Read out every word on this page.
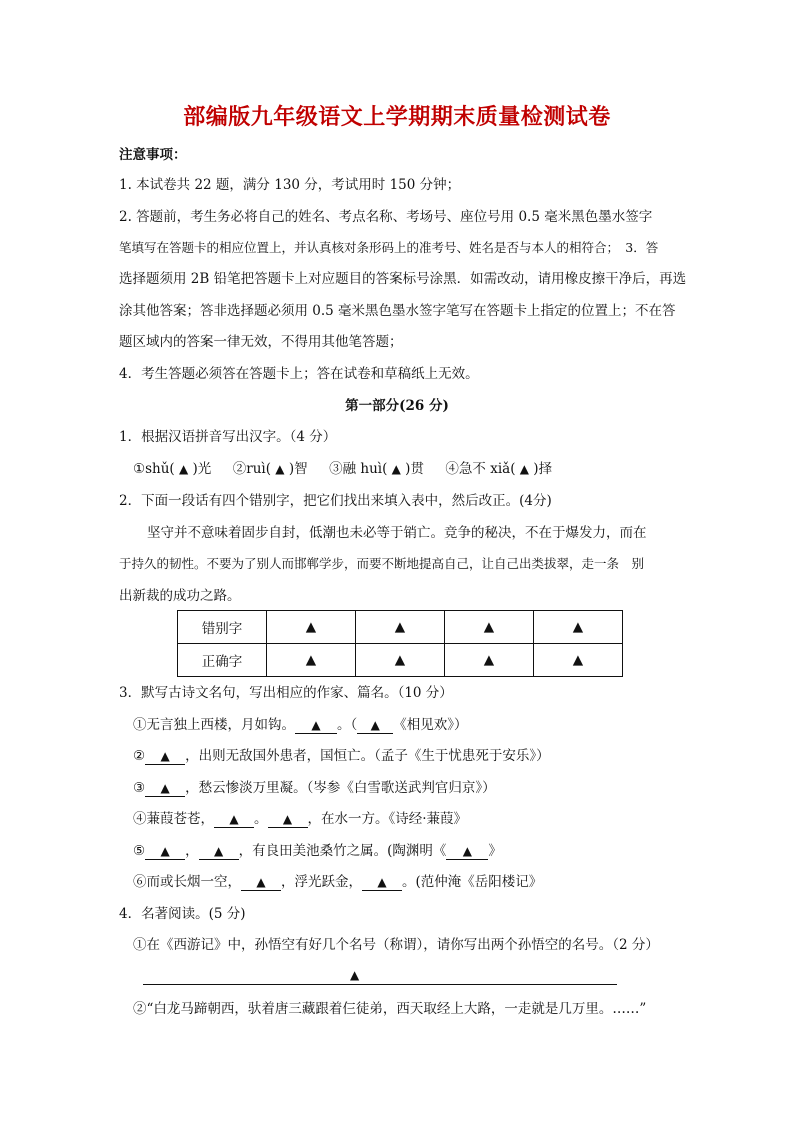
部编版九年级语文上学期期末质量检测试卷
注意事项：
1. 本试卷共 22 题，满分 130 分，考试用时 150 分钟；
2. 答题前，考生务必将自己的姓名、考点名称、考场号、座位号用 0.5 毫米黑色墨水签字
笔填写在答题卡的相应位置上，并认真核对条形码上的准考号、姓名是否与本人的相符合；　3．答
选择题须用 2B 铅笔把答题卡上对应题目的答案标号涂黑．如需改动，请用橡皮擦干净后，再选
涂其他答案；答非选择题必须用 0.5 毫米黑色墨水签字笔写在答题卡上指定的位置上；不在答
题区域内的答案一律无效，不得用其他笔答题；
4．考生答题必须答在答题卡上；答在试卷和草稿纸上无效。
第一部分(26 分)
1．根据汉语拼音写出汉字。（4 分）
①shǔ( ▲ )光 ②ruì( ▲ )智 ③融 huì( ▲ )贯 ④急不 xiǎ( ▲ )择
2．下面一段话有四个错别字，把它们找出来填入表中，然后改正。(4分)
坚守并不意味着固步自封，低潮也未必等于销亡。竞争的秘决，不在于爆发力，而在
于持久的韧性。不要为了别人而邯郸学步，而要不断地提高自己，让自己出类拔翠，走一条　别
出新裁的成功之路。
错别字	▲	▲	▲	▲
正确字	▲	▲	▲	▲
3．默写古诗文名句，写出相应的作家、篇名。（10 分）
①无言独上西楼，月如钩。 ▲ 。（ ▲ 《相见欢》）
② ▲ ，出则无敌国外患者，国恒亡。（孟子《生于忧患死于安乐》）
③ ▲ ，愁云惨淡万里凝。（岑参《白雪歌送武判官归京》）
④蒹葭苍苍， ▲ 。 ▲ ，在水一方。《诗经·蒹葭》
⑤ ▲ ， ▲ ，有良田美池桑竹之属。(陶渊明《 ▲ 》
⑥而或长烟一空， ▲ ，浮光跃金， ▲ 。(范仲淹《岳阳楼记》
4．名著阅读。(5 分)
①在《西游记》中，孙悟空有好几个名号（称谓），请你写出两个孙悟空的名号。（2 分）
▲
②“白龙马蹄朝西，驮着唐三藏跟着仨徒弟，西天取经上大路，一走就是几万里。……”
